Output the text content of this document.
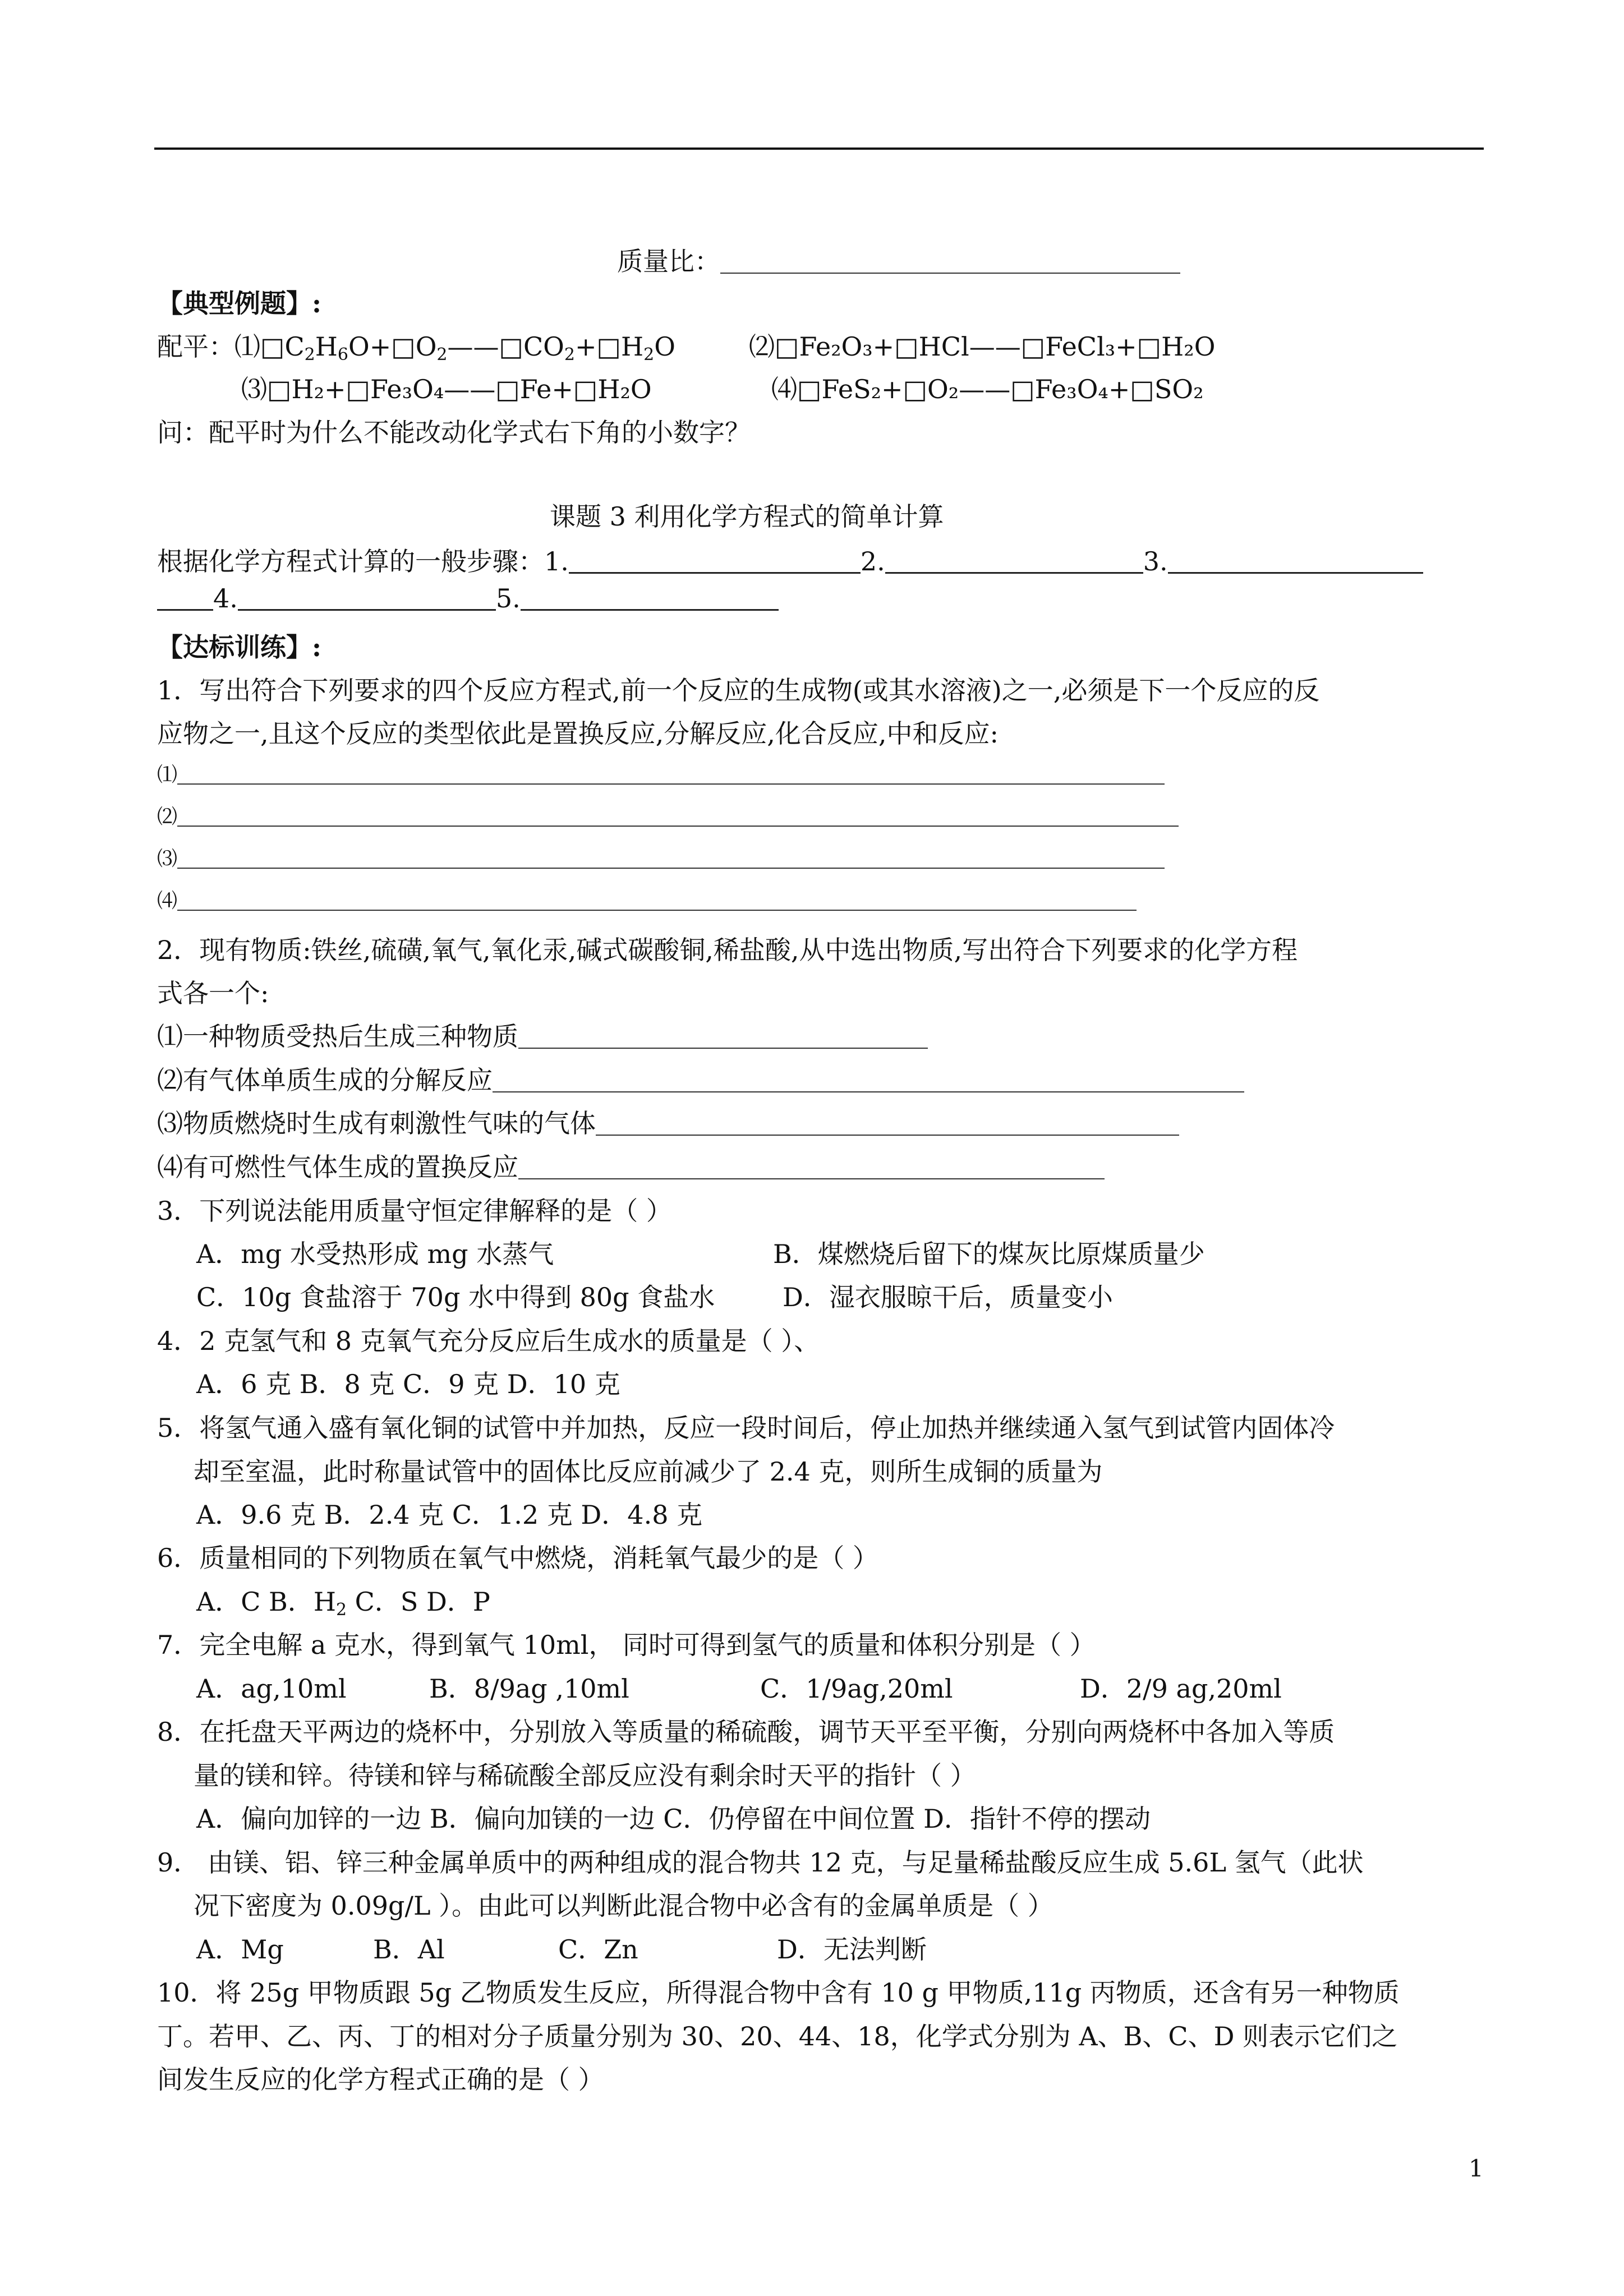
质量比：
【典型例题】:
配平：$⑴□C_2H_6O+□O_2——□CO_2+□H_2O$	⑵□Fe₂O₃+□HCl——□FeCl₃+□H₂O
⑶□H₂+□Fe₃O₄——□Fe+□H₂O	⑷□FeS₂+□O₂——□Fe₃O₄+□SO₂
问：配平时为什么不能改动化学式右下角的小数字？
课题 3 利用化学方程式的简单计算
根据化学方程式计算的一般步骤：1.	2.	3.
4.	5.
【达标训练】:
1．写出符合下列要求的四个反应方程式,前一个反应的生成物(或其水溶液)之一,必须是下一个反应的反
应物之一,且这个反应的类型依此是置换反应,分解反应,化合反应,中和反应:
⑴
⑵
⑶
⑷
2．现有物质:铁丝,硫磺,氧气,氧化汞,碱式碳酸铜,稀盐酸,从中选出物质,写出符合下列要求的化学方程
式各一个:
⑴一种物质受热后生成三种物质
⑵有气体单质生成的分解反应
⑶物质燃烧时生成有刺激性气味的气体
⑷有可燃性气体生成的置换反应
3．下列说法能用质量守恒定律解释的是（ ）
A．mg 水受热形成 mg 水蒸气	B．煤燃烧后留下的煤灰比原煤质量少
C．10g 食盐溶于 70g 水中得到 80g 食盐水	D．湿衣服晾干后，质量变小
4．2 克氢气和 8 克氧气充分反应后生成水的质量是（ ）、
A．6 克 B．8 克 C．9 克 D．10 克
5．将氢气通入盛有氧化铜的试管中并加热，反应一段时间后，停止加热并继续通入氢气到试管内固体冷
却至室温，此时称量试管中的固体比反应前减少了 2.4 克，则所生成铜的质量为
A．9.6 克 B．2.4 克 C．1.2 克 D．4.8 克
6．质量相同的下列物质在氧气中燃烧，消耗氧气最少的是（ ）
A．C B．$H_2$ C．S D．P
7．完全电解 a 克水，得到氧气 10ml， 同时可得到氢气的质量和体积分别是（ ）
A．ag,10ml	B．8/9ag ,10ml	C．1/9ag,20ml	D．2/9 ag,20ml
8．在托盘天平两边的烧杯中，分别放入等质量的稀硫酸，调节天平至平衡，分别向两烧杯中各加入等质
量的镁和锌。待镁和锌与稀硫酸全部反应没有剩余时天平的指针（ ）
A．偏向加锌的一边 B．偏向加镁的一边 C．仍停留在中间位置 D．指针不停的摆动
9． 由镁、铝、锌三种金属单质中的两种组成的混合物共 12 克，与足量稀盐酸反应生成 5.6L 氢气（此状
况下密度为 0.09g/L ）。由此可以判断此混合物中必含有的金属单质是（ ）
A．Mg	B．Al	C．Zn	D．无法判断
10．将 25g 甲物质跟 5g 乙物质发生反应，所得混合物中含有 10 g 甲物质,11g 丙物质，还含有另一种物质
丁。若甲、乙、丙、丁的相对分子质量分别为 30、20、44、18，化学式分别为 A、B、C、D 则表示它们之
间发生反应的化学方程式正确的是（ ）
1
